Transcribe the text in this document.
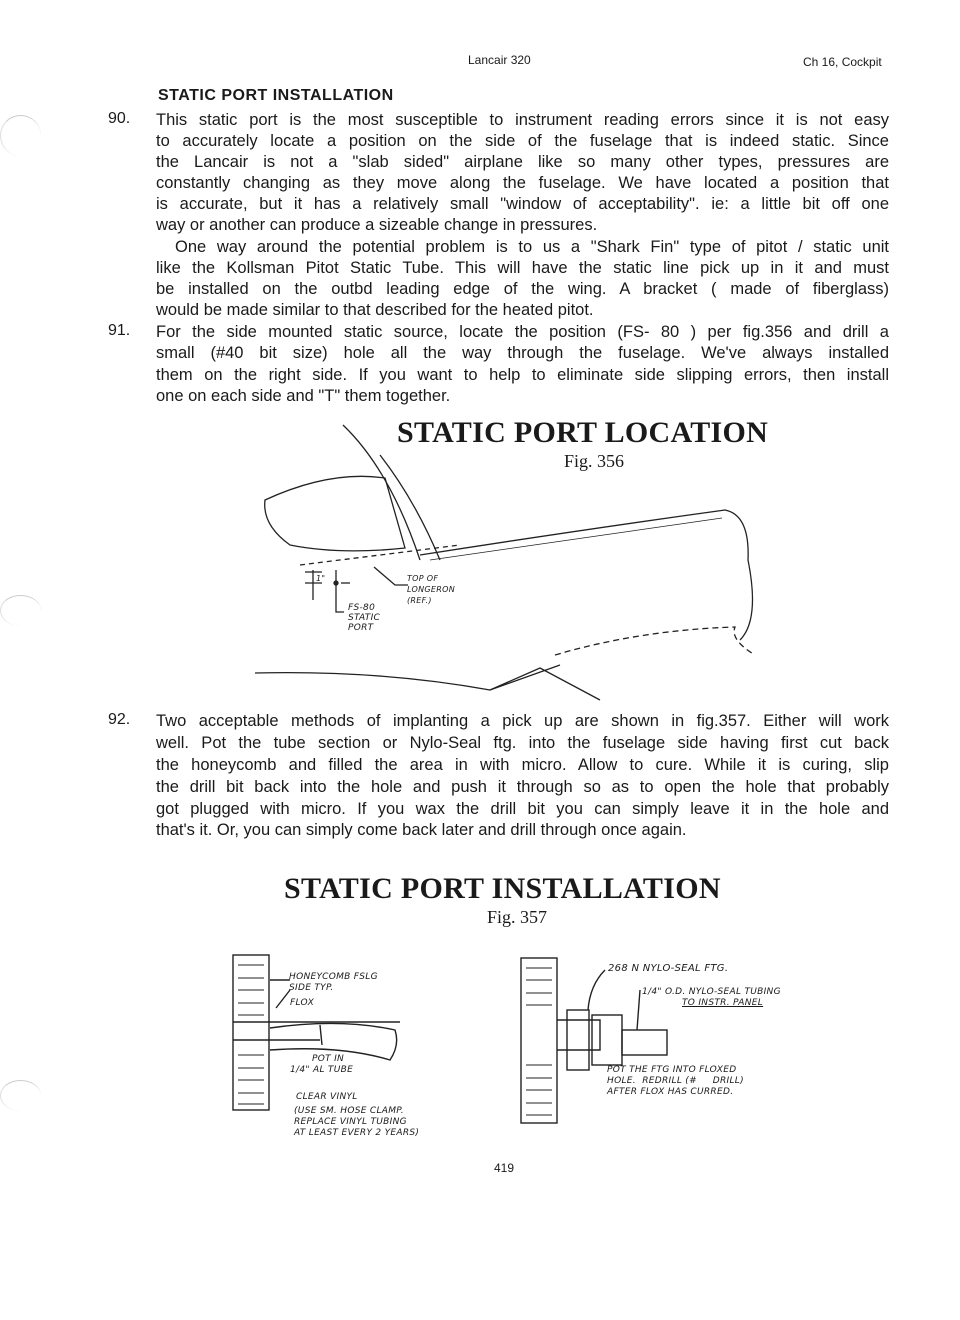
Lancair 320	Ch 16, Cockpit
STATIC PORT INSTALLATION
90. This static port is the most susceptible to instrument reading errors since it is not easy
to accurately locate a position on the side of the fuselage that is indeed static. Since
the Lancair is not a "slab sided" airplane like so many other types, pressures are
constantly changing as they move along the fuselage. We have located a position that
is accurate, but it has a relatively small "window of acceptability". ie: a little bit off one
way or another can produce a sizeable change in pressures.
One way around the potential problem is to us a "Shark Fin" type of pitot / static unit
like the Kollsman Pitot Static Tube. This will have the static line pick up in it and must
be installed on the outbd leading edge of the wing. A bracket ( made of fiberglass)
would be made similar to that described for the heated pitot.
91. For the side mounted static source, locate the position (FS- 80 ) per fig.356 and drill a
small (#40 bit size) hole all the way through the fuselage. We've always installed
them on the right side. If you want to help to eliminate side slipping errors, then install
one on each side and "T" them together.
92. Two acceptable methods of implanting a pick up are shown in fig.357. Either will work
well. Pot the tube section or Nylo-Seal ftg. into the fuselage side having first cut back
the honeycomb and filled the area in with micro. Allow to cure. While it is curing, slip
the drill bit back into the hole and push it through so as to open the hole that probably
got plugged with micro. If you wax the drill bit you can simply leave it in the hole and
that's it. Or, you can simply come back later and drill through once again.
STATIC PORT LOCATION
Fig. 356
1"	TOP OF
LONGERON
(REF.)
FS-80
STATIC
PORT
STATIC PORT INSTALLATION
Fig. 357
HONEYCOMB FSLG
SIDE TYP.
FLOX
POT IN
1/4" AL TUBE
CLEAR VINYL
(USE SM. HOSE CLAMP.
REPLACE VINYL TUBING
AT LEAST EVERY 2 YEARS)
268 N NYLO-SEAL FTG.
1/4" O.D. NYLO-SEAL TUBING
TO INSTR. PANEL
POT THE FTG INTO FLOXED
HOLE.  REDRILL (#     DRILL)
AFTER FLOX HAS CURRED.
419
